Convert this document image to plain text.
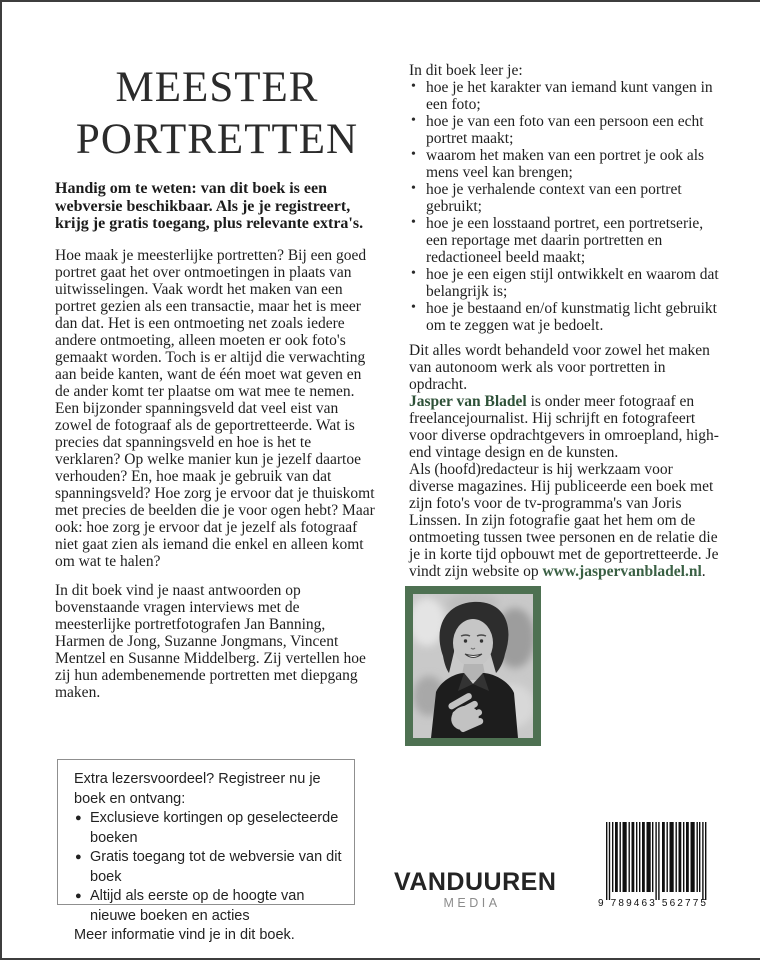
MEESTER
PORTRETTEN

Handig om te weten: van dit boek is een webversie beschikbaar. Als je je registreert, krijg je gratis toegang, plus relevante extra's.

Hoe maak je meesterlijke portretten? Bij een goed portret gaat het over ontmoetingen in plaats van uitwisselingen. Vaak wordt het maken van een portret gezien als een transactie, maar het is meer dan dat. Het is een ontmoeting net zoals iedere andere ontmoeting, alleen moeten er ook foto's gemaakt worden. Toch is er altijd die verwachting aan beide kanten, want de één moet wat geven en de ander komt ter plaatse om wat mee te nemen. Een bijzonder spanningsveld dat veel eist van zowel de fotograaf als de geportretteerde. Wat is precies dat spanningsveld en hoe is het te verklaren? Op welke manier kun je jezelf daartoe verhouden? En, hoe maak je gebruik van dat spanningsveld? Hoe zorg je ervoor dat je thuiskomt met precies de beelden die je voor ogen hebt? Maar ook: hoe zorg je ervoor dat je jezelf als fotograaf niet gaat zien als iemand die enkel en alleen komt om wat te halen?

In dit boek vind je naast antwoorden op bovenstaande vragen interviews met de meesterlijke portretfotografen Jan Banning, Harmen de Jong, Suzanne Jongmans, Vincent Mentzel en Susanne Middelberg. Zij vertellen hoe zij hun adembenemende portretten met diepgang maken.

Extra lezersvoordeel? Registreer nu je boek en ontvang:

● Exclusieve kortingen op geselecteerde boeken
● Gratis toegang tot de webversie van dit boek
● Altijd als eerste op de hoogte van nieuwe boeken en acties

Meer informatie vind je in dit boek.

In dit boek leer je:

• hoe je het karakter van iemand kunt vangen in een foto;
• hoe je van een foto van een persoon een echt portret maakt;
• waarom het maken van een portret je ook als mens veel kan brengen;
• hoe je verhalende context van een portret gebruikt;
• hoe je een losstaand portret, een portretserie, een reportage met daarin portretten en redactioneel beeld maakt;
• hoe je een eigen stijl ontwikkelt en waarom dat belangrijk is;
• hoe je bestaand en/of kunstmatig licht gebruikt om te zeggen wat je bedoelt.

Dit alles wordt behandeld voor zowel het maken van autonoom werk als voor portretten in opdracht.

Jasper van Bladel is onder meer fotograaf en freelancejournalist. Hij schrijft en fotografeert voor diverse opdrachtgevers in omroepland, high-end vintage design en de kunsten.

Als (hoofd)redacteur is hij werkzaam voor diverse magazines. Hij publiceerde een boek met zijn foto's voor de tv-programma's van Joris Linssen. In zijn fotografie gaat het hem om de ontmoeting tussen twee personen en de relatie die je in korte tijd opbouwt met de geportretteerde. Je vindt zijn website op www.jaspervanbladel.nl.

VANDUUREN
MEDIA	9 789463 562775
